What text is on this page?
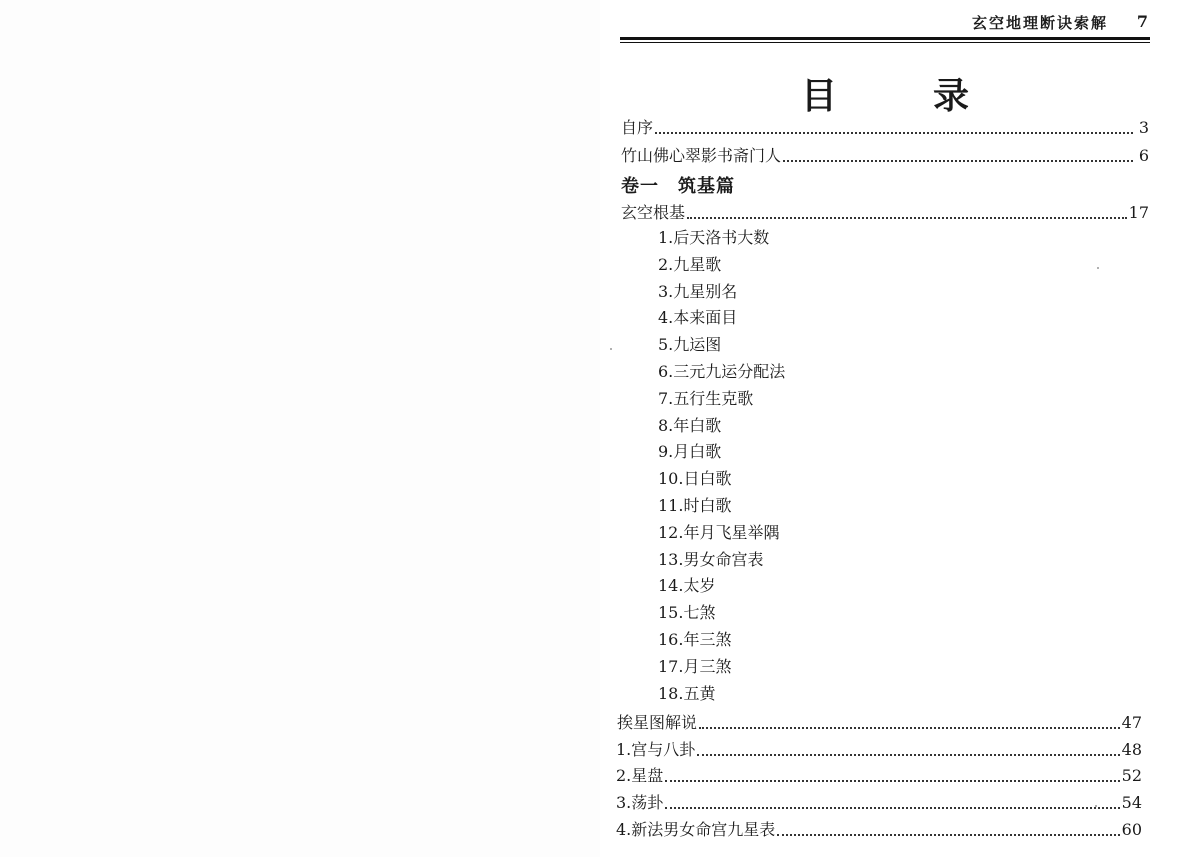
玄空地理断诀索解 7
目录
自序	3
竹山佛心翠影书斋门人	6
卷一　筑基篇
玄空根基	17
1.后天洛书大数
2.九星歌
3.九星别名
4.本来面目
5.九运图
6.三元九运分配法
7.五行生克歌
8.年白歌
9.月白歌
10.日白歌
11.时白歌
12.年月飞星举隅
13.男女命宫表
14.太岁
15.七煞
16.年三煞
17.月三煞
18.五黄
挨星图解说	47
1.宫与八卦	48
2.星盘	52
3.荡卦	54
4.新法男女命宫九星表	60
